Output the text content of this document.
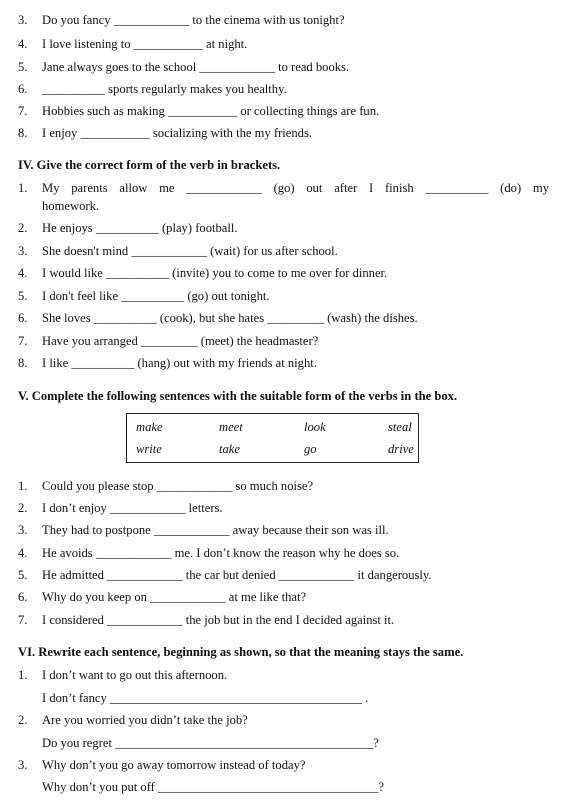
3.	Do you fancy ____________ to the cinema with us tonight?
4.	I love listening to ___________ at night.
5.	Jane always goes to the school ____________ to read books.
6.	__________ sports regularly makes you healthy.
7.	Hobbies such as making ___________ or collecting things are fun.
8.	I enjoy ___________ socializing with the my friends.
IV. Give the correct form of the verb in brackets.
1.	My parents allow me ____________ (go) out after I finish __________ (do) my
homework.
2.	He enjoys __________ (play) football.
3.	She doesn't mind ____________ (wait) for us after school.
4.	I would like __________ (invite) you to come to me over for dinner.
5.	I don't feel like __________ (go) out tonight.
6.	She loves __________ (cook), but she hates _________ (wash) the dishes.
7.	Have you arranged _________ (meet) the headmaster?
8.	I like __________ (hang) out with my friends at night.
V. Complete the following sentences with the suitable form of the verbs in the box.
make	meet	look	steal
write	take	go	drive
1.	Could you please stop ____________ so much noise?
2.	I don’t enjoy ____________ letters.
3.	They had to postpone ____________ away because their son was ill.
4.	He avoids ____________ me. I don’t know the reason why he does so.
5.	He admitted ____________ the car but denied ____________ it dangerously.
6.	Why do you keep on ____________ at me like that?
7.	I considered ____________ the job but in the end I decided against it.
VI. Rewrite each sentence, beginning as shown, so that the meaning stays the same.
1.	I don’t want to go out this afternoon.
I don’t fancy ________________________________________ .
2.	Are you worried you didn’t take the job?
Do you regret _________________________________________?
3.	Why don’t you go away tomorrow instead of today?
Why don’t you put off ___________________________________?
